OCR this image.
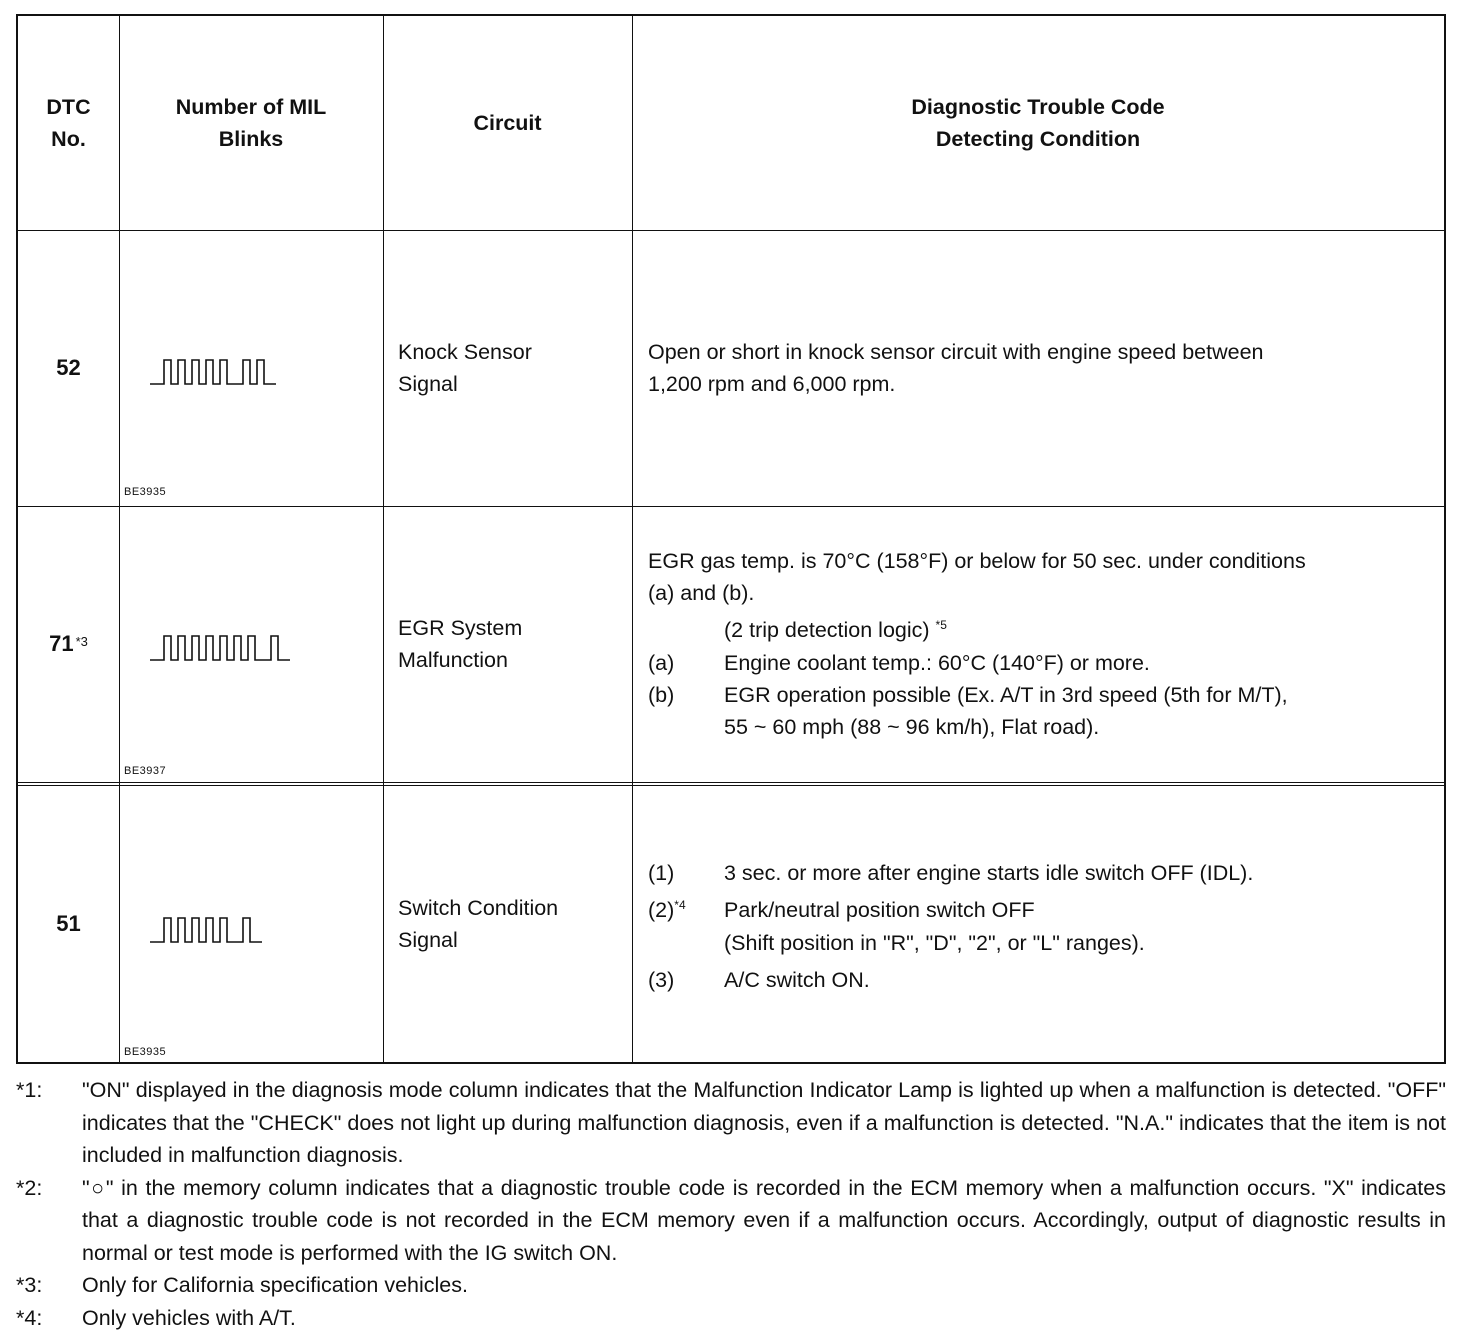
DTC
No.
Number of MIL
Blinks
Circuit
Diagnostic Trouble Code
Detecting Condition
52
BE3935
Knock Sensor
Signal
Open or short in knock sensor circuit with engine speed between
1,200 rpm and 6,000 rpm.
71$^{*3}$
BE3937
EGR System
Malfunction
EGR gas temp. is 70°C (158°F) or below for 50 sec. under conditions
(a) and (b).
(2 trip detection logic) $^{*5}$
(a) Engine coolant temp.: 60°C (140°F) or more.
(b) EGR operation possible (Ex. A/T in 3rd speed (5th for M/T),
55 ~ 60 mph (88 ~ 96 km/h), Flat road).
51
BE3935
Switch Condition
Signal
(1) 3 sec. or more after engine starts idle switch OFF (IDL).
$(2)^{*4}$ Park/neutral position switch OFF
(Shift position in "R", "D", "2", or "L" ranges).
(3) A/C switch ON.
*1: "ON" displayed in the diagnosis mode column indicates that the Malfunction Indicator Lamp is lighted up when a malfunction is detected. "OFF" indicates that the "CHECK" does not light up during malfunction diagnosis, even if a malfunction is detected. "N.A." indicates that the item is not included in malfunction diagnosis.
*2: "○" in the memory column indicates that a diagnostic trouble code is recorded in the ECM memory when a malfunction occurs. "X" indicates that a diagnostic trouble code is not recorded in the ECM memory even if a malfunction occurs. Accordingly, output of diagnostic results in normal or test mode is performed with the IG switch ON.
*3: Only for California specification vehicles.
*4: Only vehicles with A/T.
